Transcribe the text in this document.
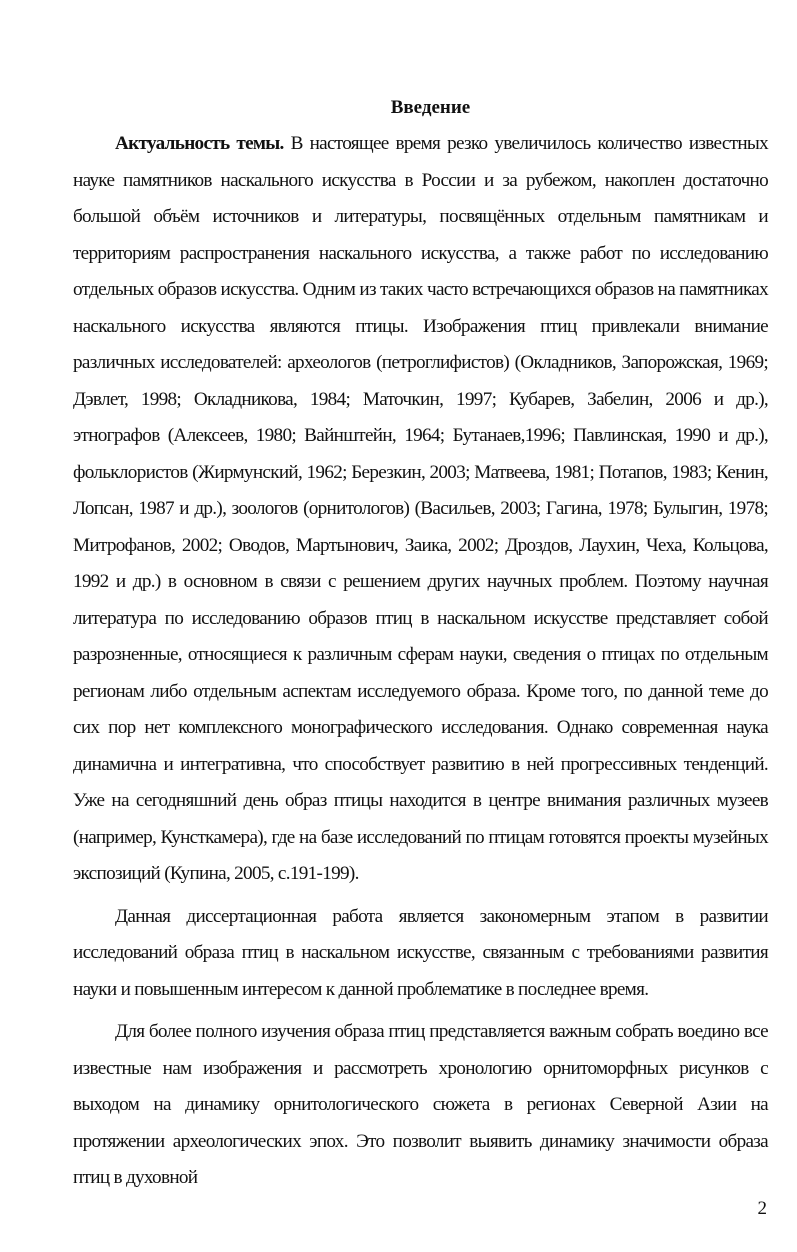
Введение

Актуальность темы. В настоящее время резко увеличилось количество известных науке памятников наскального искусства в России и за рубежом, накоплен достаточно большой объём источников и литературы, посвящённых отдельным памятникам и территориям распространения наскального искусства, а также работ по исследованию отдельных образов искусства. Одним из таких часто встречающихся образов на памятниках наскального искусства являются птицы. Изображения птиц привлекали внимание различных исследователей: археологов (петроглифистов) (Окладников, Запорожская, 1969; Дэвлет, 1998; Окладникова, 1984; Маточкин, 1997; Кубарев, Забелин, 2006 и др.), этнографов (Алексеев, 1980; Вайнштейн, 1964; Бутанаев,1996; Павлинская, 1990 и др.), фольклористов (Жирмунский, 1962; Березкин, 2003; Матвеева, 1981; Потапов, 1983; Кенин, Лопсан, 1987 и др.), зоологов (орнитологов) (Васильев, 2003; Гагина, 1978; Булыгин, 1978; Митрофанов, 2002; Оводов, Мартынович, Заика, 2002; Дроздов, Лаухин, Чеха, Кольцова, 1992 и др.) в основном в связи с решением других научных проблем. Поэтому научная литература по исследованию образов птиц в наскальном искусстве представляет собой разрозненные, относящиеся к различным сферам науки, сведения о птицах по отдельным регионам либо отдельным аспектам исследуемого образа. Кроме того, по данной теме до сих пор нет комплексного монографического исследования. Однако современная наука динамична и интегративна, что способствует развитию в ней прогрессивных тенденций. Уже на сегодняшний день образ птицы находится в центре внимания различных музеев (например, Кунсткамера), где на базе исследований по птицам готовятся проекты музейных экспозиций (Купина, 2005, с.191-199).

Данная диссертационная работа является закономерным этапом в развитии исследований образа птиц в наскальном искусстве, связанным с требованиями развития науки и повышенным интересом к данной проблематике в последнее время.

Для более полного изучения образа птиц представляется важным собрать воедино все известные нам изображения и рассмотреть хронологию орнитоморфных рисунков с выходом на динамику орнитологического сюжета в регионах Северной Азии на протяжении археологических эпох. Это позволит выявить динамику значимости образа птиц в духовной

2
